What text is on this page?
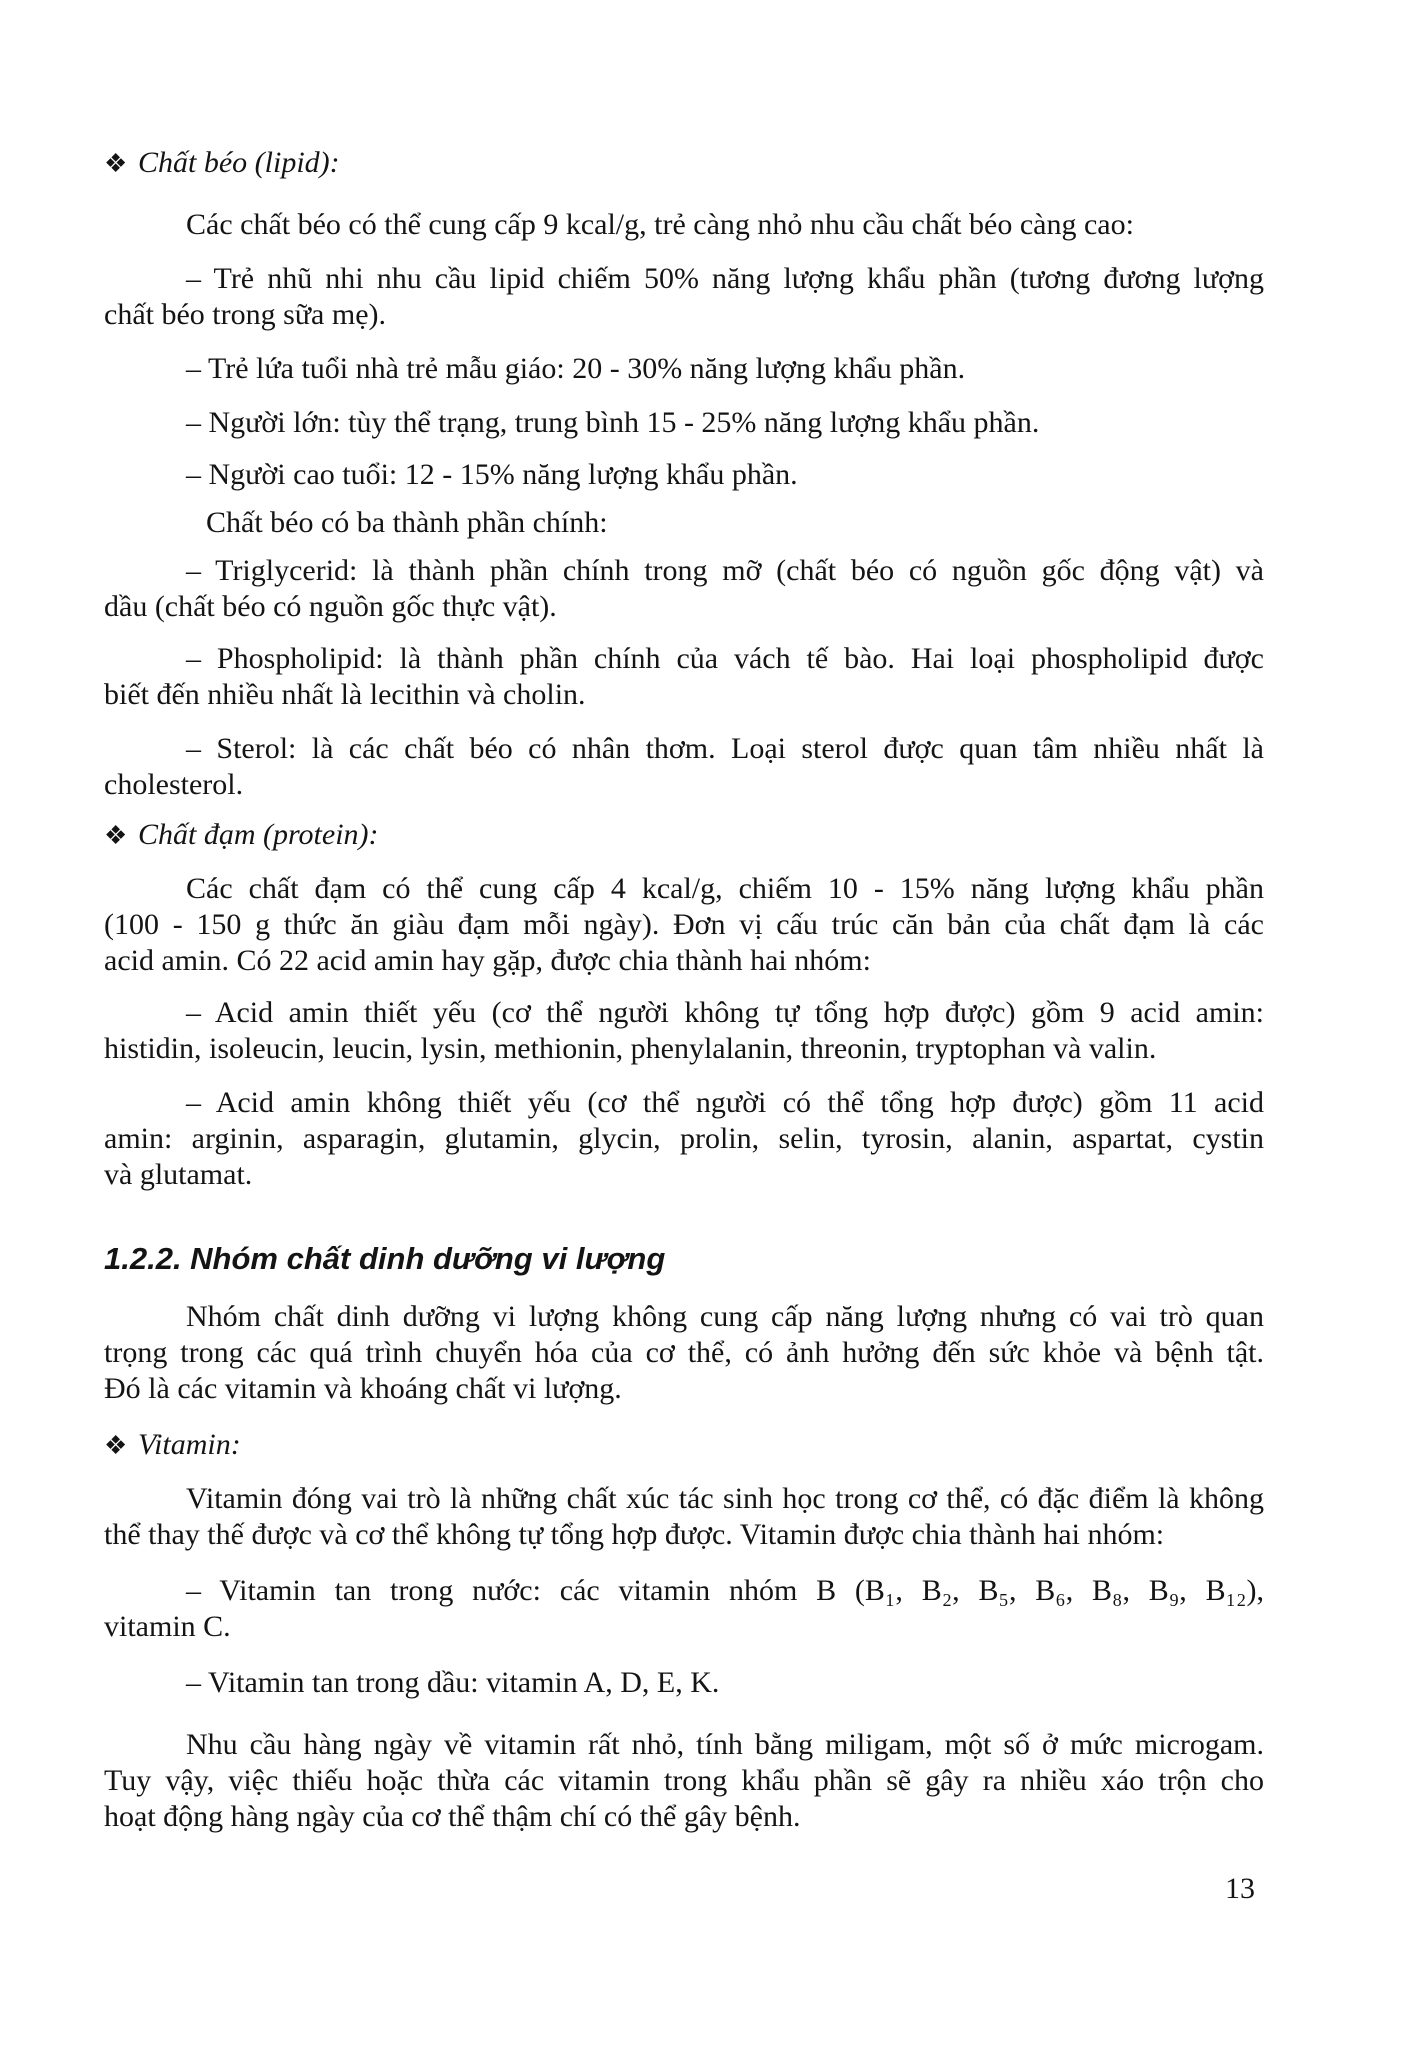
❖ Chất béo (lipid):
Các chất béo có thể cung cấp 9 kcal/g, trẻ càng nhỏ nhu cầu chất béo càng cao:
– Trẻ nhũ nhi nhu cầu lipid chiếm 50% năng lượng khẩu phần (tương đương lượng
chất béo trong sữa mẹ).
– Trẻ lứa tuổi nhà trẻ mẫu giáo: 20 - 30% năng lượng khẩu phần.
– Người lớn: tùy thể trạng, trung bình 15 - 25% năng lượng khẩu phần.
– Người cao tuổi: 12 - 15% năng lượng khẩu phần.
Chất béo có ba thành phần chính:
– Triglycerid: là thành phần chính trong mỡ (chất béo có nguồn gốc động vật) và
dầu (chất béo có nguồn gốc thực vật).
– Phospholipid: là thành phần chính của vách tế bào. Hai loại phospholipid được
biết đến nhiều nhất là lecithin và cholin.
– Sterol: là các chất béo có nhân thơm. Loại sterol được quan tâm nhiều nhất là
cholesterol.
❖ Chất đạm (protein):
Các chất đạm có thể cung cấp 4 kcal/g, chiếm 10 - 15% năng lượng khẩu phần
(100 - 150 g thức ăn giàu đạm mỗi ngày). Đơn vị cấu trúc căn bản của chất đạm là các
acid amin. Có 22 acid amin hay gặp, được chia thành hai nhóm:
– Acid amin thiết yếu (cơ thể người không tự tổng hợp được) gồm 9 acid amin:
histidin, isoleucin, leucin, lysin, methionin, phenylalanin, threonin, tryptophan và valin.
– Acid amin không thiết yếu (cơ thể người có thể tổng hợp được) gồm 11 acid
amin: arginin, asparagin, glutamin, glycin, prolin, selin, tyrosin, alanin, aspartat, cystin
và glutamat.
1.2.2. Nhóm chất dinh dưỡng vi lượng
Nhóm chất dinh dưỡng vi lượng không cung cấp năng lượng nhưng có vai trò quan
trọng trong các quá trình chuyển hóa của cơ thể, có ảnh hưởng đến sức khỏe và bệnh tật.
Đó là các vitamin và khoáng chất vi lượng.
❖ Vitamin:
Vitamin đóng vai trò là những chất xúc tác sinh học trong cơ thể, có đặc điểm là không
thể thay thế được và cơ thể không tự tổng hợp được. Vitamin được chia thành hai nhóm:
– Vitamin tan trong nước: các vitamin nhóm B (B₁, B₂, B₅, B₆, B₈, B₉, B₁₂),
vitamin C.
– Vitamin tan trong dầu: vitamin A, D, E, K.
Nhu cầu hàng ngày về vitamin rất nhỏ, tính bằng miligam, một số ở mức microgam.
Tuy vậy, việc thiếu hoặc thừa các vitamin trong khẩu phần sẽ gây ra nhiều xáo trộn cho
hoạt động hàng ngày của cơ thể thậm chí có thể gây bệnh.
13
